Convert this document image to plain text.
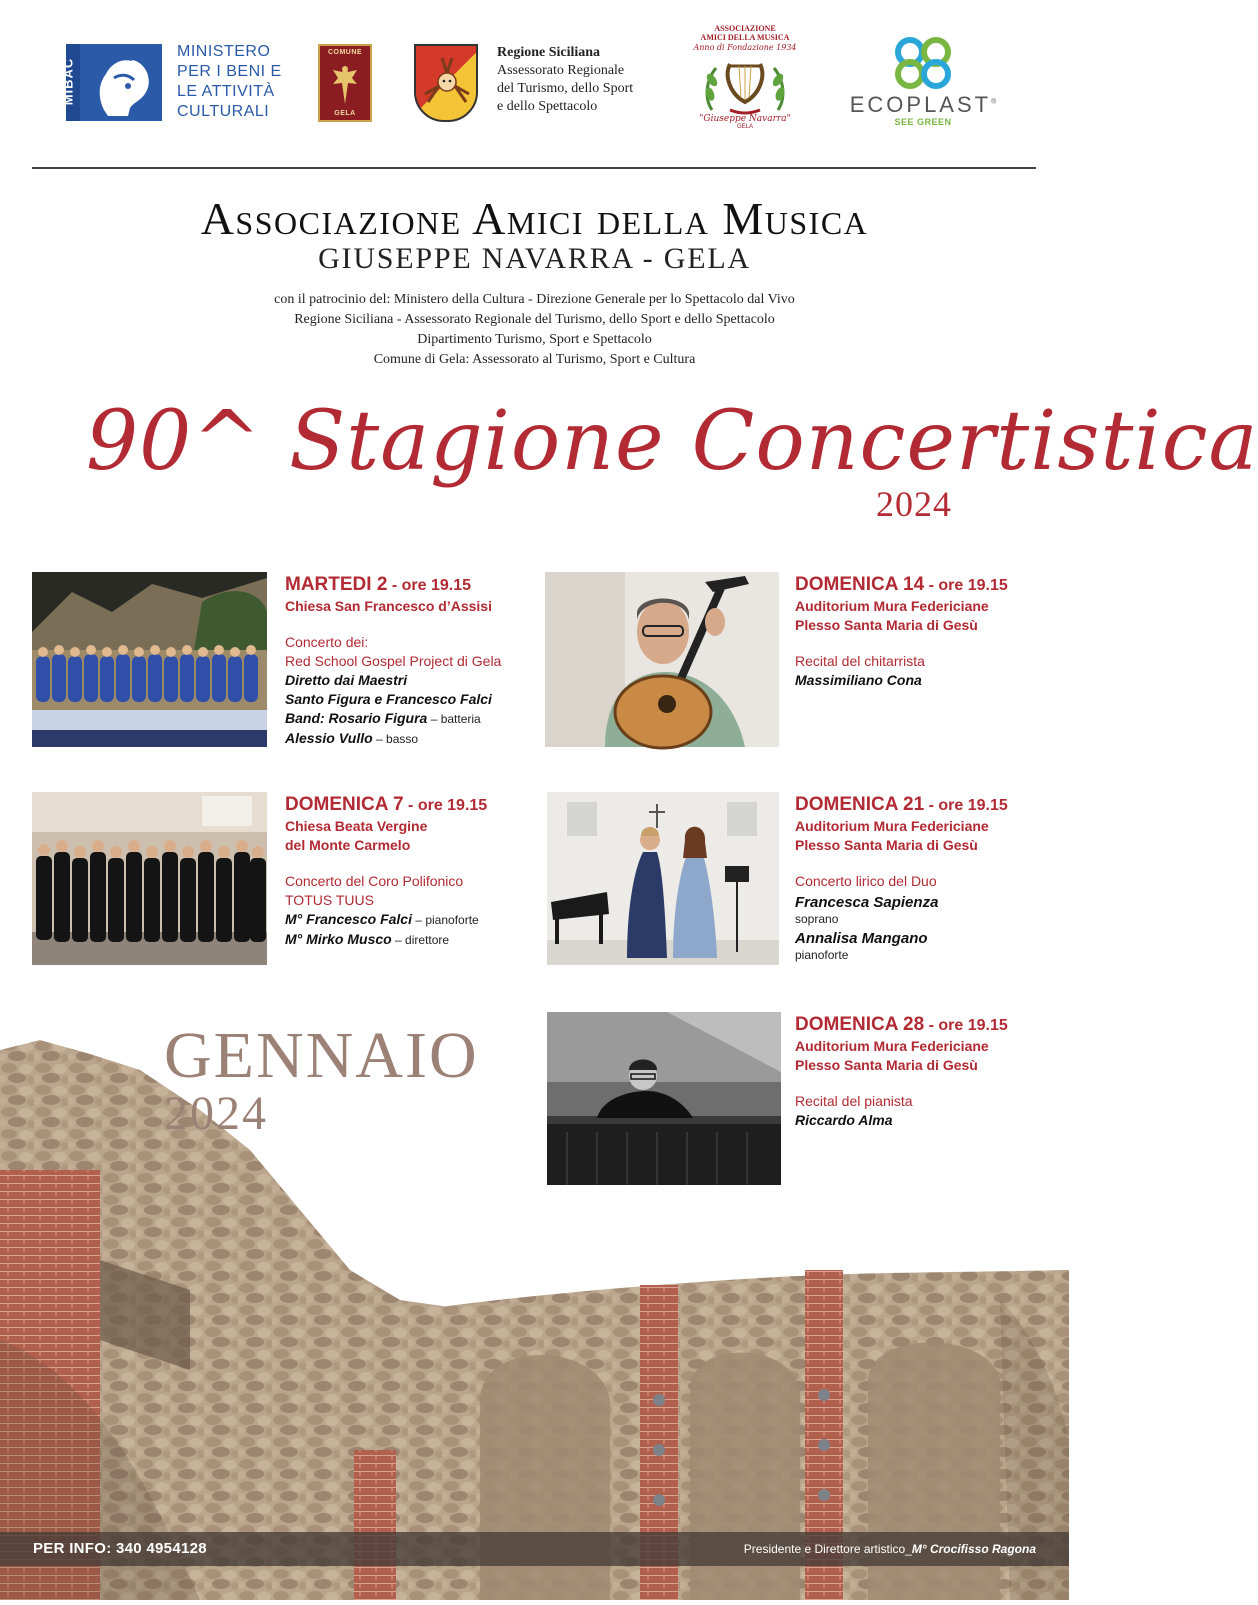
MiBAC
MINISTERO
PER I BENI E
LE ATTIVITÀ
CULTURALI
COMUNE
GELA
Regione Siciliana
Assessorato Regionale
del Turismo, dello Sport
e dello Spettacolo
ASSOCIAZIONE
AMICI DELLA MUSICA
Anno di Fondazione 1934
"Giuseppe Navarra"
GELA
ECOPLAST®
SEE GREEN
Associazione Amici della Musica
GIUSEPPE NAVARRA - GELA
con il patrocinio del: Ministero della Cultura - Direzione Generale per lo Spettacolo dal Vivo
Regione Siciliana - Assessorato Regionale del Turismo, dello Sport e dello Spettacolo
Dipartimento Turismo, Sport e Spettacolo
Comune di Gela: Assessorato al Turismo, Sport e Cultura
90^ Stagione Concertistica
2024
MARTEDI 2 - ore 19.15
Chiesa San Francesco d’Assisi
Concerto dei:
Red School Gospel Project di Gela
Diretto dai Maestri
Santo Figura e Francesco Falci
Band: Rosario Figura – batteria
Alessio Vullo – basso
DOMENICA 14 - ore 19.15
Auditorium Mura Federiciane
Plesso Santa Maria di Gesù
Recital del chitarrista
Massimiliano Cona
DOMENICA 7 - ore 19.15
Chiesa Beata Vergine
del Monte Carmelo
Concerto del Coro Polifonico
TOTUS TUUS
M° Francesco Falci – pianoforte
M° Mirko Musco – direttore
DOMENICA 21 - ore 19.15
Auditorium Mura Federiciane
Plesso Santa Maria di Gesù
Concerto lirico del Duo
Francesca Sapienza
soprano
Annalisa Mangano
pianoforte
DOMENICA 28 - ore 19.15
Auditorium Mura Federiciane
Plesso Santa Maria di Gesù
Recital del pianista
Riccardo Alma
GENNAIO
2024
PER INFO: 340 4954128	Presidente e Direttore artistico_M° Crocifisso Ragona
